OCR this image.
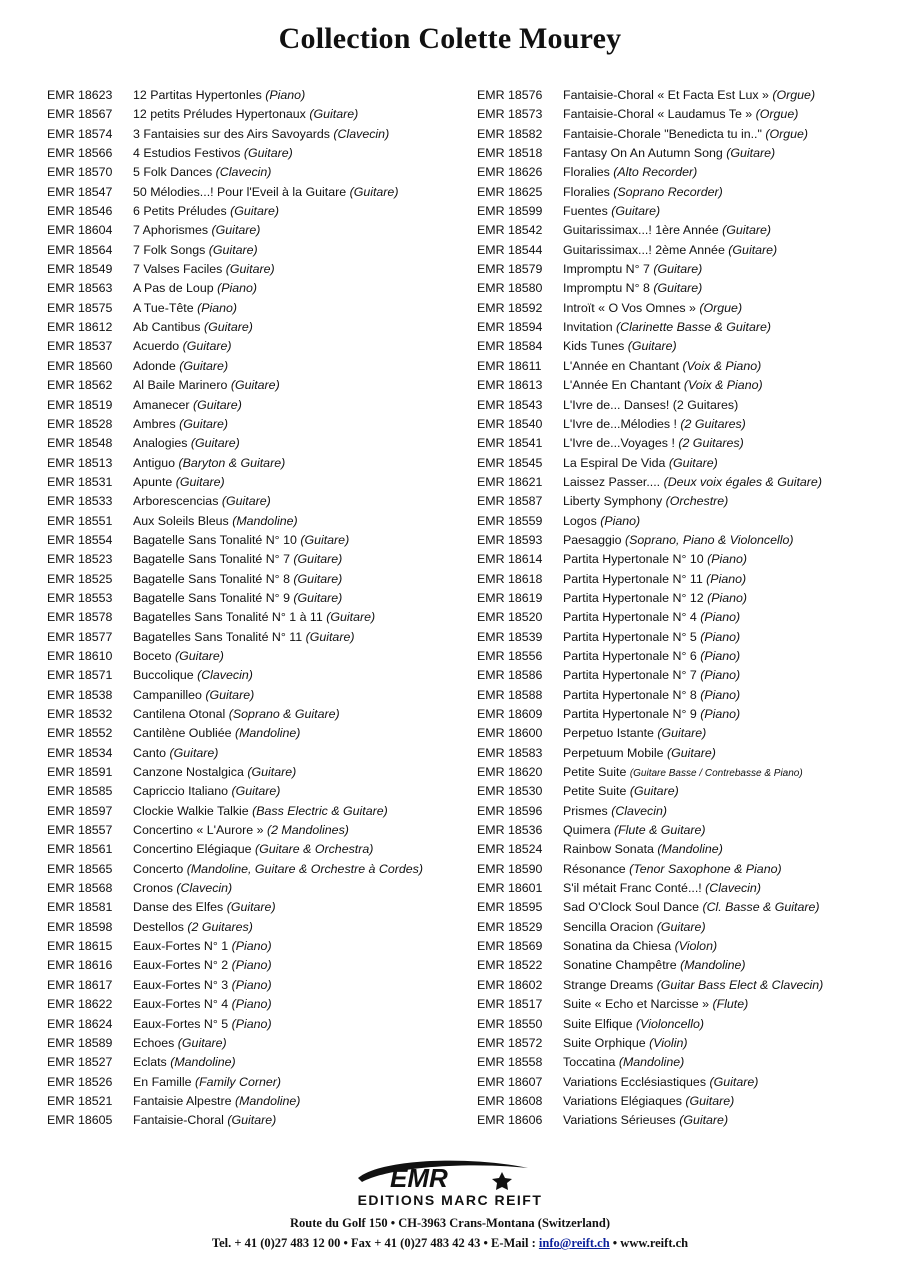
Collection Colette Mourey
EMR 18623 12 Partitas Hypertonles (Piano)
EMR 18567 12 petits Préludes Hypertonaux (Guitare)
EMR 18574 3 Fantaisies sur des Airs Savoyards (Clavecin)
EMR 18566 4 Estudios Festivos (Guitare)
EMR 18570 5 Folk Dances (Clavecin)
EMR 18547 50 Mélodies...! Pour l'Eveil à la Guitare (Guitare)
EMR 18546 6 Petits Préludes (Guitare)
EMR 18604 7 Aphorismes (Guitare)
EMR 18564 7 Folk Songs (Guitare)
EMR 18549 7 Valses Faciles (Guitare)
EMR 18563 A Pas de Loup (Piano)
EMR 18575 A Tue-Tête (Piano)
EMR 18612 Ab Cantibus (Guitare)
EMR 18537 Acuerdo (Guitare)
EMR 18560 Adonde (Guitare)
EMR 18562 Al Baile Marinero (Guitare)
EMR 18519 Amanecer (Guitare)
EMR 18528 Ambres (Guitare)
EMR 18548 Analogies (Guitare)
EMR 18513 Antiguo (Baryton & Guitare)
EMR 18531 Apunte (Guitare)
EMR 18533 Arborescencias (Guitare)
EMR 18551 Aux Soleils Bleus (Mandoline)
EMR 18554 Bagatelle Sans Tonalité N° 10 (Guitare)
EMR 18523 Bagatelle Sans Tonalité N° 7 (Guitare)
EMR 18525 Bagatelle Sans Tonalité N° 8 (Guitare)
EMR 18553 Bagatelle Sans Tonalité N° 9 (Guitare)
EMR 18578 Bagatelles Sans Tonalité N° 1 à 11 (Guitare)
EMR 18577 Bagatelles Sans Tonalité N° 11 (Guitare)
EMR 18610 Boceto (Guitare)
EMR 18571 Buccolique (Clavecin)
EMR 18538 Campanilleo (Guitare)
EMR 18532 Cantilena Otonal (Soprano & Guitare)
EMR 18552 Cantilène Oubliée (Mandoline)
EMR 18534 Canto (Guitare)
EMR 18591 Canzone Nostalgica (Guitare)
EMR 18585 Capriccio Italiano (Guitare)
EMR 18597 Clockie Walkie Talkie (Bass Electric & Guitare)
EMR 18557 Concertino « L'Aurore » (2 Mandolines)
EMR 18561 Concertino Elégiaque (Guitare & Orchestra)
EMR 18565 Concerto (Mandoline, Guitare & Orchestre à Cordes)
EMR 18568 Cronos (Clavecin)
EMR 18581 Danse des Elfes (Guitare)
EMR 18598 Destellos (2 Guitares)
EMR 18615 Eaux-Fortes N° 1 (Piano)
EMR 18616 Eaux-Fortes N° 2 (Piano)
EMR 18617 Eaux-Fortes N° 3 (Piano)
EMR 18622 Eaux-Fortes N° 4 (Piano)
EMR 18624 Eaux-Fortes N° 5 (Piano)
EMR 18589 Echoes (Guitare)
EMR 18527 Eclats (Mandoline)
EMR 18526 En Famille (Family Corner)
EMR 18521 Fantaisie Alpestre (Mandoline)
EMR 18605 Fantaisie-Choral (Guitare)
EMR 18576 Fantaisie-Choral « Et Facta Est Lux » (Orgue)
EMR 18573 Fantaisie-Choral « Laudamus Te » (Orgue)
EMR 18582 Fantaisie-Chorale "Benedicta tu in.." (Orgue)
EMR 18518 Fantasy On An Autumn Song (Guitare)
EMR 18626 Floralies (Alto Recorder)
EMR 18625 Floralies (Soprano Recorder)
EMR 18599 Fuentes (Guitare)
EMR 18542 Guitarissimax...! 1ère Année (Guitare)
EMR 18544 Guitarissimax...! 2ème Année (Guitare)
EMR 18579 Impromptu N° 7 (Guitare)
EMR 18580 Impromptu N° 8 (Guitare)
EMR 18592 Introït « O Vos Omnes » (Orgue)
EMR 18594 Invitation (Clarinette Basse & Guitare)
EMR 18584 Kids Tunes (Guitare)
EMR 18611 L'Année en Chantant (Voix & Piano)
EMR 18613 L'Année En Chantant (Voix & Piano)
EMR 18543 L'Ivre de... Danses! (2 Guitares)
EMR 18540 L'Ivre de...Mélodies ! (2 Guitares)
EMR 18541 L'Ivre de...Voyages ! (2 Guitares)
EMR 18545 La Espiral De Vida (Guitare)
EMR 18621 Laissez Passer.... (Deux voix égales & Guitare)
EMR 18587 Liberty Symphony (Orchestre)
EMR 18559 Logos (Piano)
EMR 18593 Paesaggio (Soprano, Piano & Violoncello)
EMR 18614 Partita Hypertonale N° 10 (Piano)
EMR 18618 Partita Hypertonale N° 11 (Piano)
EMR 18619 Partita Hypertonale N° 12 (Piano)
EMR 18520 Partita Hypertonale N° 4 (Piano)
EMR 18539 Partita Hypertonale N° 5 (Piano)
EMR 18556 Partita Hypertonale N° 6 (Piano)
EMR 18586 Partita Hypertonale N° 7 (Piano)
EMR 18588 Partita Hypertonale N° 8 (Piano)
EMR 18609 Partita Hypertonale N° 9 (Piano)
EMR 18600 Perpetuo Istante (Guitare)
EMR 18583 Perpetuum Mobile (Guitare)
EMR 18620 Petite Suite (Guitare Basse / Contrebasse & Piano)
EMR 18530 Petite Suite (Guitare)
EMR 18596 Prismes (Clavecin)
EMR 18536 Quimera (Flute & Guitare)
EMR 18524 Rainbow Sonata (Mandoline)
EMR 18590 Résonance (Tenor Saxophone & Piano)
EMR 18601 S'il métait Franc Conté...! (Clavecin)
EMR 18595 Sad O'Clock Soul Dance (Cl. Basse & Guitare)
EMR 18529 Sencilla Oracion (Guitare)
EMR 18569 Sonatina da Chiesa (Violon)
EMR 18522 Sonatine Champêtre (Mandoline)
EMR 18602 Strange Dreams (Guitar Bass Elect & Clavecin)
EMR 18517 Suite « Echo et Narcisse » (Flute)
EMR 18550 Suite Elfique (Violoncello)
EMR 18572 Suite Orphique (Violin)
EMR 18558 Toccatina (Mandoline)
EMR 18607 Variations Ecclésiastiques (Guitare)
EMR 18608 Variations Elégiaques (Guitare)
EMR 18606 Variations Sérieuses (Guitare)
EMR
EDITIONS MARC REIFT
Route du Golf 150 • CH-3963 Crans-Montana (Switzerland)
Tel. + 41 (0)27 483 12 00 • Fax + 41 (0)27 483 42 43 • E-Mail : info@reift.ch • www.reift.ch
